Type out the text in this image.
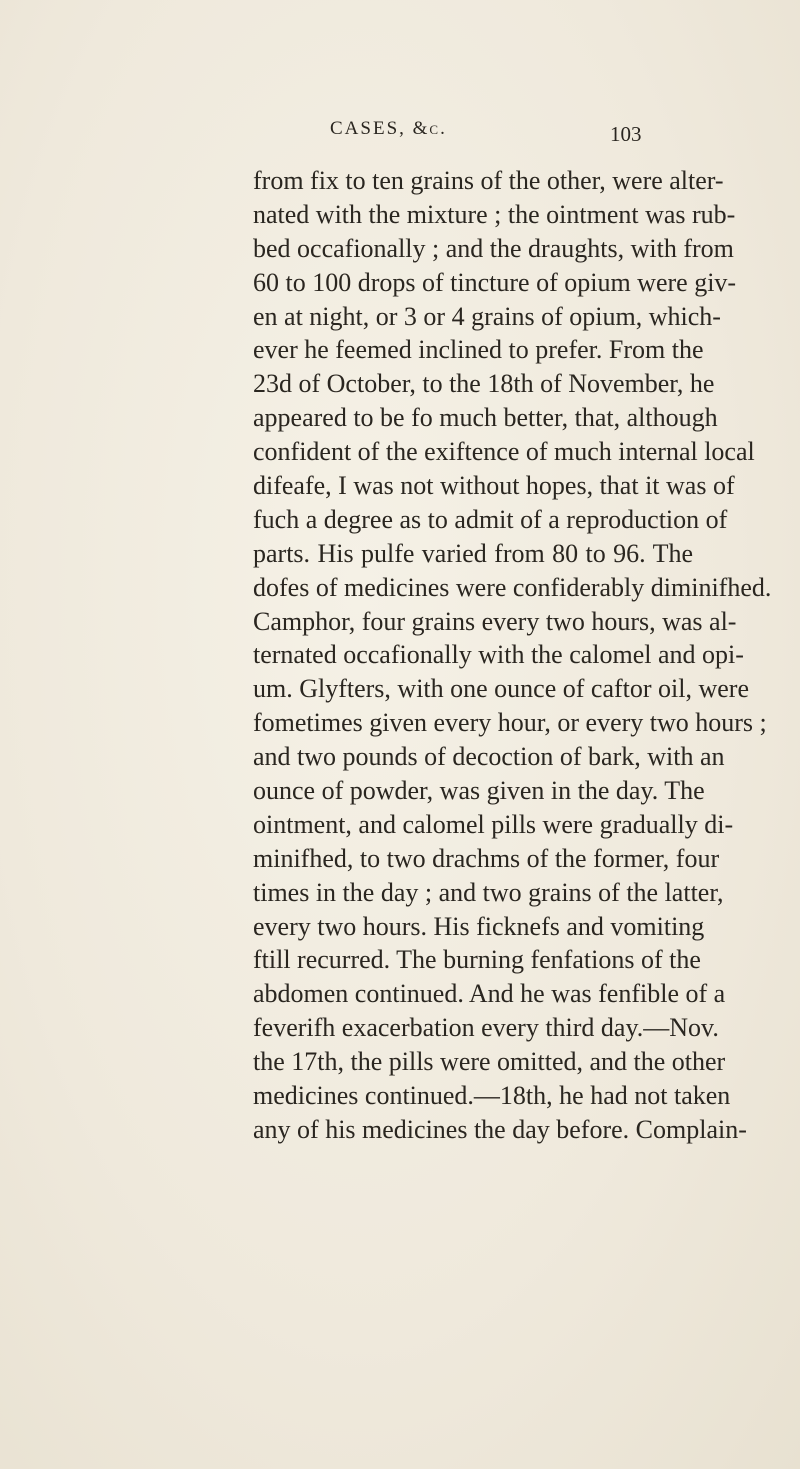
CASES, &c.	103
from fix to ten grains of the other, were alter-
nated with the mixture ; the ointment was rub-
bed occafionally ; and the draughts, with from
60 to 100 drops of tincture of opium were giv-
en at night, or 3 or 4 grains of opium, which-
ever he feemed inclined to prefer. From the
23d of October, to the 18th of November, he
appeared to be fo much better, that, although
confident of the exiftence of much internal local
difeafe, I was not without hopes, that it was of
fuch a degree as to admit of a reproduction of
parts. His pulfe varied from 80 to 96. The
dofes of medicines were confiderably diminifhed.
Camphor, four grains every two hours, was al-
ternated occafionally with the calomel and opi-
um. Glyfters, with one ounce of caftor oil, were
fometimes given every hour, or every two hours ;
and two pounds of decoction of bark, with an
ounce of powder, was given in the day. The
ointment, and calomel pills were gradually di-
minifhed, to two drachms of the former, four
times in the day ; and two grains of the latter,
every two hours. His ficknefs and vomiting
ftill recurred. The burning fenfations of the
abdomen continued. And he was fenfible of a
feverifh exacerbation every third day.—Nov.
the 17th, the pills were omitted, and the other
medicines continued.—18th, he had not taken
any of his medicines the day before. Complain-
